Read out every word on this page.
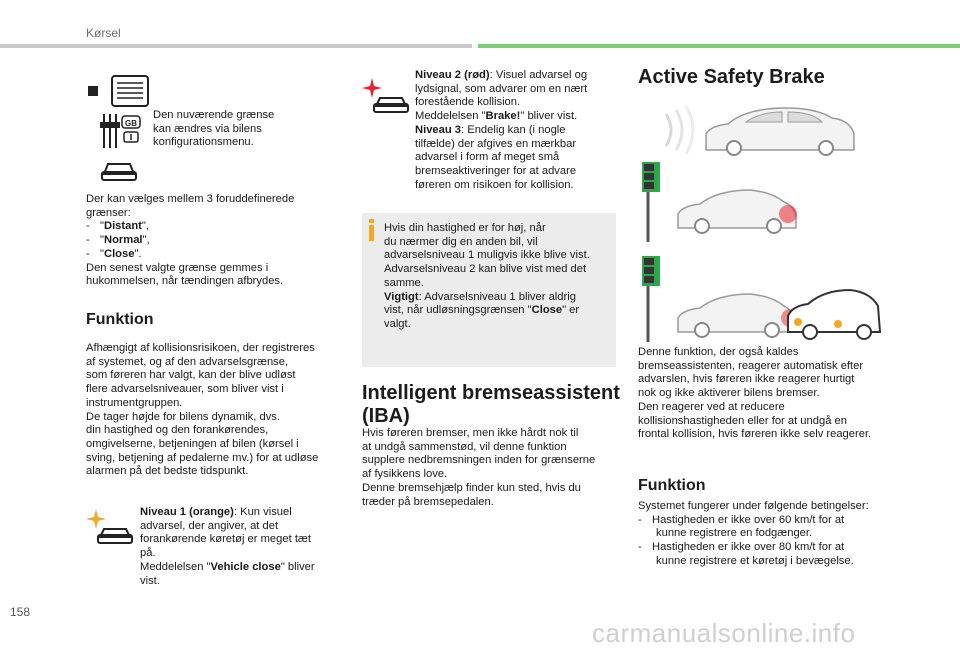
Kørsel
GB
Den nuværende grænse
kan ændres via bilens
konfigurationsmenu.
Der kan vælges mellem 3 foruddefinerede
grænser:
- "Distant",
- "Normal",
- "Close".
Den senest valgte grænse gemmes i
hukommelsen, når tændingen afbrydes.
Funktion
Afhængigt af kollisionsrisikoen, der registreres
af systemet, og af den advarselsgrænse,
som føreren har valgt, kan der blive udløst
flere advarselsniveauer, som bliver vist i
instrumentgruppen.
De tager højde for bilens dynamik, dvs.
din hastighed og den forankørendes,
omgivelserne, betjeningen af bilen (kørsel i
sving, betjening af pedalerne mv.) for at udløse
alarmen på det bedste tidspunkt.
Niveau 1 (orange): Kun visuel
advarsel, der angiver, at det
forankørende køretøj er meget tæt
på.
Meddelelsen "Vehicle close" bliver
vist.
Niveau 2 (rød): Visuel advarsel og
lydsignal, som advarer om en nært
forestående kollision.
Meddelelsen "Brake!" bliver vist.
Niveau 3: Endelig kan (i nogle
tilfælde) der afgives en mærkbar
advarsel i form af meget små
bremseaktiveringer for at advare
føreren om risikoen for kollision.
Hvis din hastighed er for høj, når
du nærmer dig en anden bil, vil
advarselsniveau 1 muligvis ikke blive vist.
Advarselsniveau 2 kan blive vist med det
samme.
Vigtigt: Advarselsniveau 1 bliver aldrig
vist, når udløsningsgrænsen "Close" er
valgt.
Intelligent bremseassistent
(IBA)
Hvis føreren bremser, men ikke hårdt nok til
at undgå sammenstød, vil denne funktion
supplere nedbremsningen inden for grænserne
af fysikkens love.
Denne bremsehjælp finder kun sted, hvis du
træder på bremsepedalen.
Active Safety Brake
Denne funktion, der også kaldes
bremseassistenten, reagerer automatisk efter
advarslen, hvis føreren ikke reagerer hurtigt
nok og ikke aktiverer bilens bremser.
Den reagerer ved at reducere
kollisionshastigheden eller for at undgå en
frontal kollision, hvis føreren ikke selv reagerer.
Funktion
Systemet fungerer under følgende betingelser:
- Hastigheden er ikke over 60 km/t for at
kunne registrere en fodgænger.
- Hastigheden er ikke over 80 km/t for at
kunne registrere et køretøj i bevægelse.
158
carmanualsonline.info
